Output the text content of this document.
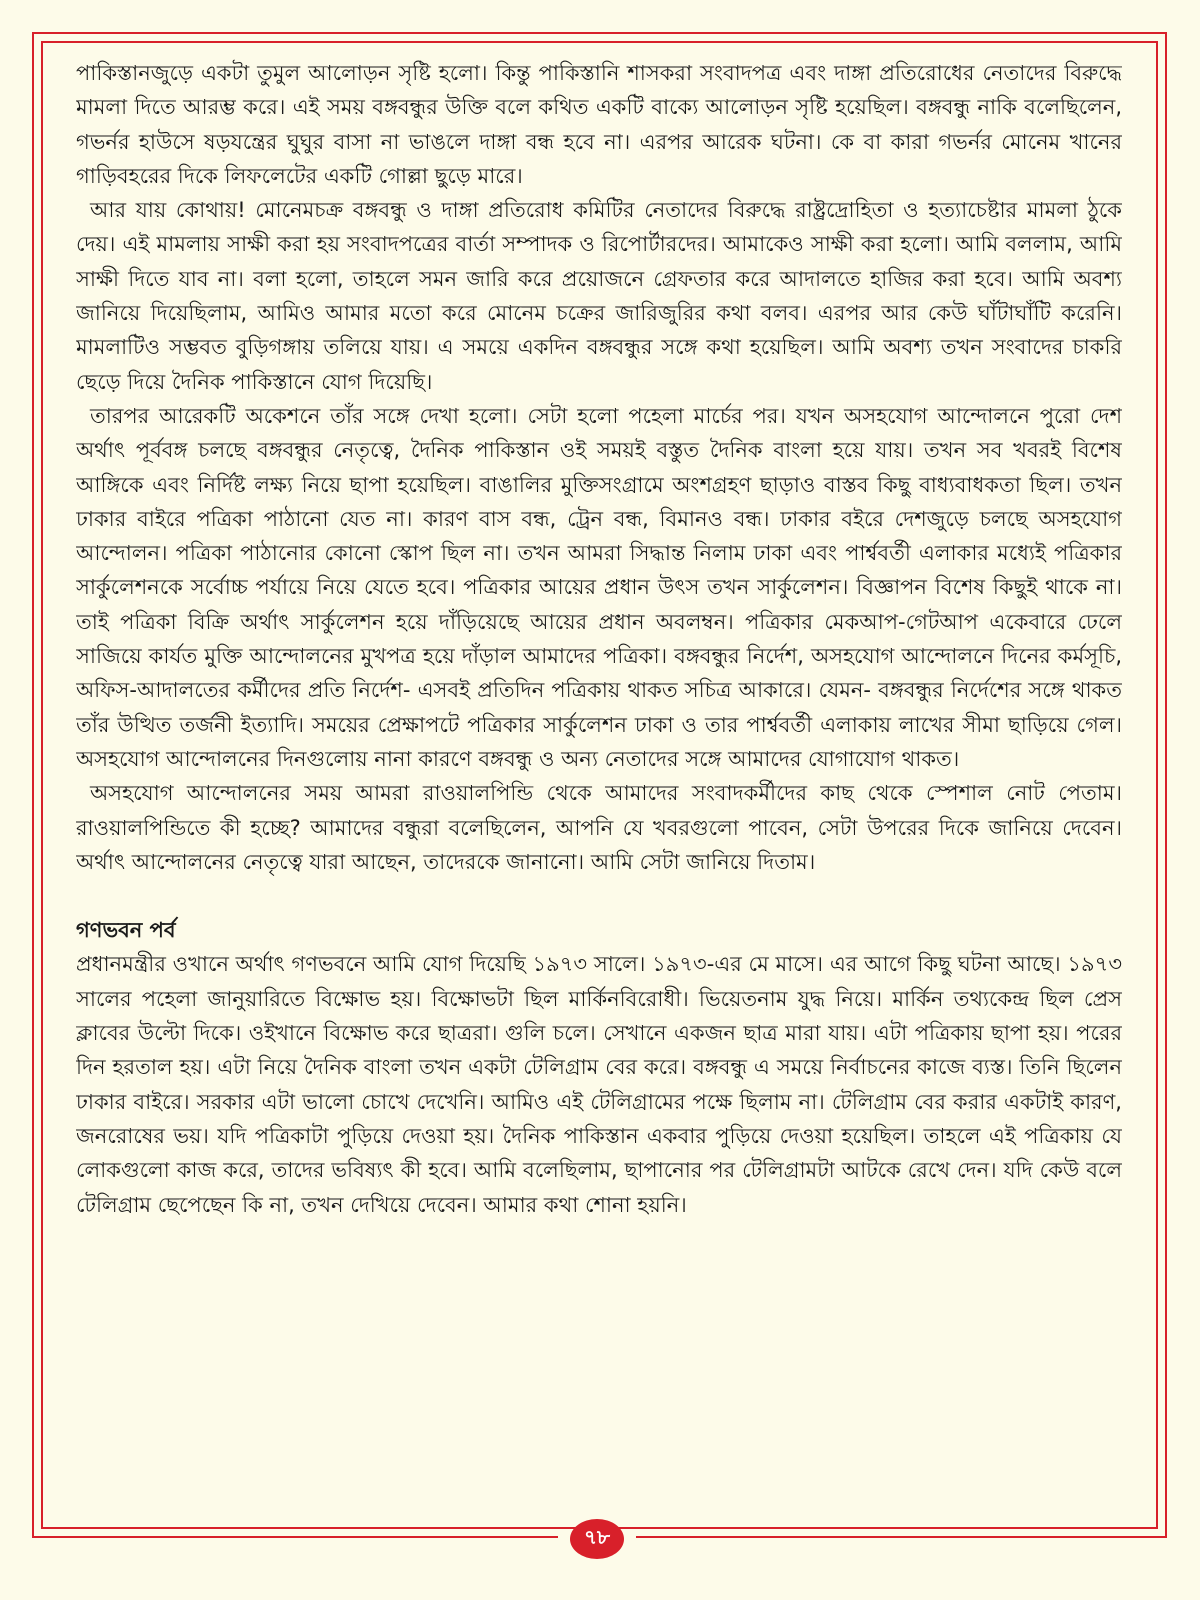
পাকিস্তানজুড়ে একটা তুমুল আলোড়ন সৃষ্টি হলো। কিন্তু পাকিস্তানি শাসকরা সংবাদপত্র এবং দাঙ্গা প্রতিরোধের নেতাদের বিরুদ্ধে মামলা দিতে আরম্ভ করে। এই সময় বঙ্গবন্ধুর উক্তি বলে কথিত একটি বাক্যে আলোড়ন সৃষ্টি হয়েছিল। বঙ্গবন্ধু নাকি বলেছিলেন, গভর্নর হাউসে ষড়যন্ত্রের ঘুঘুর বাসা না ভাঙলে দাঙ্গা বন্ধ হবে না। এরপর আরেক ঘটনা। কে বা কারা গভর্নর মোনেম খানের গাড়িবহরের দিকে লিফলেটের একটি গোল্লা ছুড়ে মারে।

আর যায় কোথায়! মোনেমচক্র বঙ্গবন্ধু ও দাঙ্গা প্রতিরোধ কমিটির নেতাদের বিরুদ্ধে রাষ্ট্রদ্রোহিতা ও হত্যাচেষ্টার মামলা ঠুকে দেয়। এই মামলায় সাক্ষী করা হয় সংবাদপত্রের বার্তা সম্পাদক ও রিপোর্টারদের। আমাকেও সাক্ষী করা হলো। আমি বললাম, আমি সাক্ষী দিতে যাব না। বলা হলো, তাহলে সমন জারি করে প্রয়োজনে গ্রেফতার করে আদালতে হাজির করা হবে। আমি অবশ্য জানিয়ে দিয়েছিলাম, আমিও আমার মতো করে মোনেম চক্রের জারিজুরির কথা বলব। এরপর আর কেউ ঘাঁটাঘাঁটি করেনি। মামলাটিও সম্ভবত বুড়িগঙ্গায় তলিয়ে যায়। এ সময়ে একদিন বঙ্গবন্ধুর সঙ্গে কথা হয়েছিল। আমি অবশ্য তখন সংবাদের চাকরি ছেড়ে দিয়ে দৈনিক পাকিস্তানে যোগ দিয়েছি।

তারপর আরেকটি অকেশনে তাঁর সঙ্গে দেখা হলো। সেটা হলো পহেলা মার্চের পর। যখন অসহযোগ আন্দোলনে পুরো দেশ অর্থাৎ পূর্ববঙ্গ চলছে বঙ্গবন্ধুর নেতৃত্বে, দৈনিক পাকিস্তান ওই সময়ই বস্তুত দৈনিক বাংলা হয়ে যায়। তখন সব খবরই বিশেষ আঙ্গিকে এবং নির্দিষ্ট লক্ষ্য নিয়ে ছাপা হয়েছিল। বাঙালির মুক্তিসংগ্রামে অংশগ্রহণ ছাড়াও বাস্তব কিছু বাধ্যবাধকতা ছিল। তখন ঢাকার বাইরে পত্রিকা পাঠানো যেত না। কারণ বাস বন্ধ, ট্রেন বন্ধ, বিমানও বন্ধ। ঢাকার বইরে দেশজুড়ে চলছে অসহযোগ আন্দোলন। পত্রিকা পাঠানোর কোনো স্কোপ ছিল না। তখন আমরা সিদ্ধান্ত নিলাম ঢাকা এবং পার্শ্ববর্তী এলাকার মধ্যেই পত্রিকার সার্কুলেশনকে সর্বোচ্চ পর্যায়ে নিয়ে যেতে হবে। পত্রিকার আয়ের প্রধান উৎস তখন সার্কুলেশন। বিজ্ঞাপন বিশেষ কিছুই থাকে না। তাই পত্রিকা বিক্রি অর্থাৎ সার্কুলেশন হয়ে দাঁড়িয়েছে আয়ের প্রধান অবলম্বন। পত্রিকার মেকআপ-গেটআপ একেবারে ঢেলে সাজিয়ে কার্যত মুক্তি আন্দোলনের মুখপত্র হয়ে দাঁড়াল আমাদের পত্রিকা। বঙ্গবন্ধুর নির্দেশ, অসহযোগ আন্দোলনে দিনের কর্মসূচি, অফিস-আদালতের কর্মীদের প্রতি নির্দেশ- এসবই প্রতিদিন পত্রিকায় থাকত সচিত্র আকারে। যেমন- বঙ্গবন্ধুর নির্দেশের সঙ্গে থাকত তাঁর উত্থিত তর্জনী ইত্যাদি। সময়ের প্রেক্ষাপটে পত্রিকার সার্কুলেশন ঢাকা ও তার পার্শ্ববর্তী এলাকায় লাখের সীমা ছাড়িয়ে গেল। অসহযোগ আন্দোলনের দিনগুলোয় নানা কারণে বঙ্গবন্ধু ও অন্য নেতাদের সঙ্গে আমাদের যোগাযোগ থাকত।

অসহযোগ আন্দোলনের সময় আমরা রাওয়ালপিন্ডি থেকে আমাদের সংবাদকর্মীদের কাছ থেকে স্পেশাল নোট পেতাম। রাওয়ালপিন্ডিতে কী হচ্ছে? আমাদের বন্ধুরা বলেছিলেন, আপনি যে খবরগুলো পাবেন, সেটা উপরের দিকে জানিয়ে দেবেন। অর্থাৎ আন্দোলনের নেতৃত্বে যারা আছেন, তাদেরকে জানানো। আমি সেটা জানিয়ে দিতাম।

গণভবন পর্ব

প্রধানমন্ত্রীর ওখানে অর্থাৎ গণভবনে আমি যোগ দিয়েছি ১৯৭৩ সালে। ১৯৭৩-এর মে মাসে। এর আগে কিছু ঘটনা আছে। ১৯৭৩ সালের পহেলা জানুয়ারিতে বিক্ষোভ হয়। বিক্ষোভটা ছিল মার্কিনবিরোধী। ভিয়েতনাম যুদ্ধ নিয়ে। মার্কিন তথ্যকেন্দ্র ছিল প্রেস ক্লাবের উল্টো দিকে। ওইখানে বিক্ষোভ করে ছাত্ররা। গুলি চলে। সেখানে একজন ছাত্র মারা যায়। এটা পত্রিকায় ছাপা হয়। পরের দিন হরতাল হয়। এটা নিয়ে দৈনিক বাংলা তখন একটা টেলিগ্রাম বের করে। বঙ্গবন্ধু এ সময়ে নির্বাচনের কাজে ব্যস্ত। তিনি ছিলেন ঢাকার বাইরে। সরকার এটা ভালো চোখে দেখেনি। আমিও এই টেলিগ্রামের পক্ষে ছিলাম না। টেলিগ্রাম বের করার একটাই কারণ, জনরোষের ভয়। যদি পত্রিকাটা পুড়িয়ে দেওয়া হয়। দৈনিক পাকিস্তান একবার পুড়িয়ে দেওয়া হয়েছিল। তাহলে এই পত্রিকায় যে লোকগুলো কাজ করে, তাদের ভবিষ্যৎ কী হবে। আমি বলেছিলাম, ছাপানোর পর টেলিগ্রামটা আটকে রেখে দেন। যদি কেউ বলে টেলিগ্রাম ছেপেছেন কি না, তখন দেখিয়ে দেবেন। আমার কথা শোনা হয়নি।

৭৮
